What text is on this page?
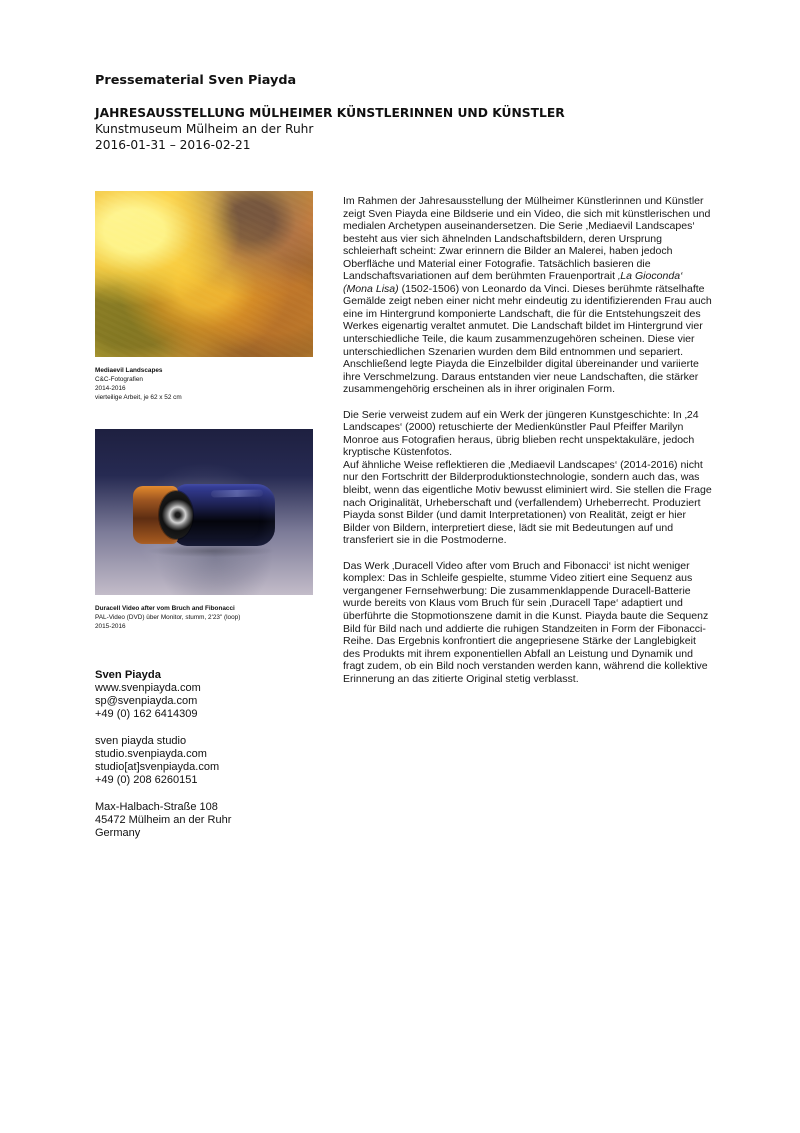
Pressematerial Sven Piayda
JAHRESAUSSTELLUNG MÜLHEIMER KÜNSTLERINNEN UND KÜNSTLER
Kunstmuseum Mülheim an der Ruhr
2016-01-31 – 2016-02-21
Mediaevil Landscapes
C&C-Fotografien
2014-2016
vierteilige Arbeit, je 62 x 52 cm
Duracell Video after vom Bruch and Fibonacci
PAL-Video (DVD) über Monitor, stumm, 2'23" (loop)
2015-2016
Sven Piayda
www.svenpiayda.com
sp@svenpiayda.com
+49 (0) 162 6414309
sven piayda studio
studio.svenpiayda.com
studio[at]svenpiayda.com
+49 (0) 208 6260151
Max-Halbach-Straße 108
45472 Mülheim an der Ruhr
Germany

Im Rahmen der Jahresausstellung der Mülheimer Künstlerinnen und Künstler zeigt Sven Piayda eine Bildserie und ein Video, die sich mit künstlerischen und medialen Archetypen auseinandersetzen. Die Serie ‚Mediaevil Landscapes‘ besteht aus vier sich ähnelnden Landschaftsbildern, deren Ursprung schleierhaft scheint: Zwar erinnern die Bilder an Malerei, haben jedoch Oberfläche und Material einer Fotografie. Tatsächlich basieren die Landschaftsvariationen auf dem berühmten Frauenportrait ‚La Gioconda‘ (Mona Lisa) (1502-1506) von Leonardo da Vinci. Dieses berühmte rätselhafte Gemälde zeigt neben einer nicht mehr eindeutig zu identifizierenden Frau auch eine im Hintergrund komponierte Landschaft, die für die Entstehungszeit des Werkes eigenartig veraltet anmutet. Die Landschaft bildet im Hintergrund vier unterschiedliche Teile, die kaum zusammenzugehören scheinen. Diese vier unterschiedlichen Szenarien wurden dem Bild entnommen und separiert. Anschließend legte Piayda die Einzelbilder digital übereinander und variierte ihre Verschmelzung. Daraus entstanden vier neue Landschaften, die stärker zusammengehörig erscheinen als in ihrer originalen Form.

Die Serie verweist zudem auf ein Werk der jüngeren Kunstgeschichte: In ‚24 Landscapes‘ (2000) retuschierte der Medienkünstler Paul Pfeiffer Marilyn Monroe aus Fotografien heraus, übrig blieben recht unspektakuläre, jedoch kryptische Küstenfotos.
Auf ähnliche Weise reflektieren die ‚Mediaevil Landscapes‘ (2014-2016) nicht nur den Fortschritt der Bilderproduktionstechnologie, sondern auch das, was bleibt, wenn das eigentliche Motiv bewusst eliminiert wird. Sie stellen die Frage nach Originalität, Urheberschaft und (verfallendem) Urheberrecht. Produziert Piayda sonst Bilder (und damit Interpretationen) von Realität, zeigt er hier Bilder von Bildern, interpretiert diese, lädt sie mit Bedeutungen auf und transferiert sie in die Postmoderne.

Das Werk ‚Duracell Video after vom Bruch and Fibonacci‘ ist nicht weniger komplex: Das in Schleife gespielte, stumme Video zitiert eine Sequenz aus vergangener Fernsehwerbung: Die zusammenklappende Duracell-Batterie wurde bereits von Klaus vom Bruch für sein ‚Duracell Tape‘ adaptiert und überführte die Stopmotionszene damit in die Kunst. Piayda baute die Sequenz Bild für Bild nach und addierte die ruhigen Standzeiten in Form der Fibonacci-Reihe. Das Ergebnis konfrontiert die angepriesene Stärke der Langlebigkeit des Produkts mit ihrem exponentiellen Abfall an Leistung und Dynamik und fragt zudem, ob ein Bild noch verstanden werden kann, während die kollektive Erinnerung an das zitierte Original stetig verblasst.
